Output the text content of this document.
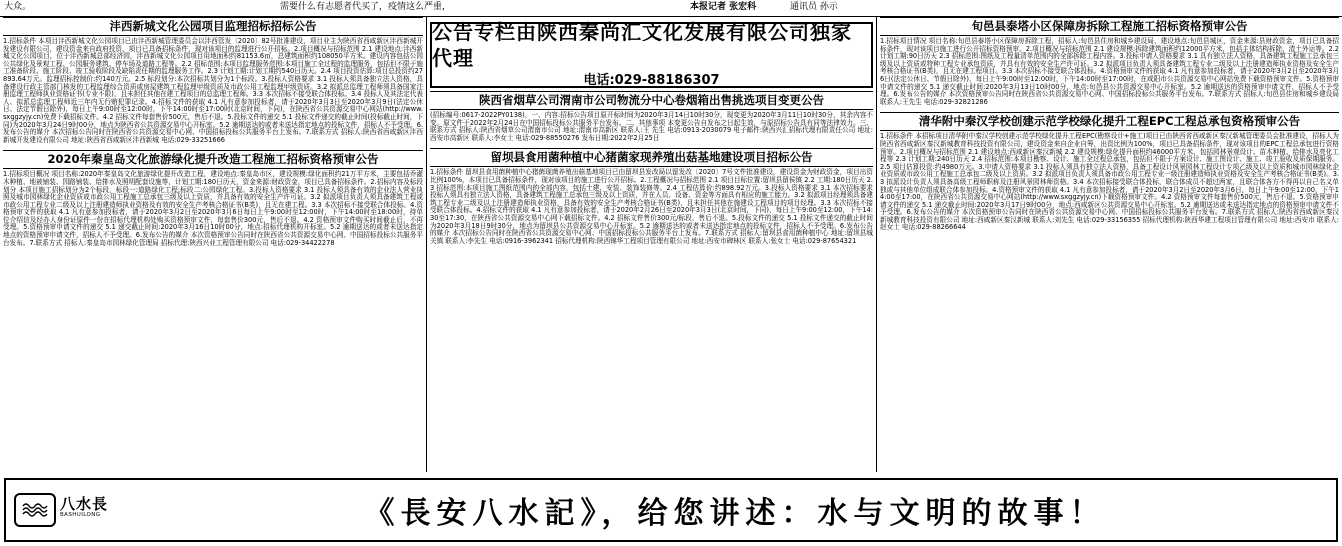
大众。	需要什么有志愿者代买了，疫情这么严重，	本报记者 张宏科	通讯员 孙示
沣西新城文化公园项目监理招标招标公告
1.招标条件 本项目沣西新城文化公园项目已由沣西新城管理委员会以沣西管发〔2020〕82号批准建设，项目业主为陕西省西咸新区沣西新城开发建设有限公司，建设资金来自政府投资，项目已具备招标条件，现对该项目的监理进行公开招标。2.项目概况与招标范围 2.1 建设地点:沣西新城文化公园项目，位于沣西新城总部经济园，沣西新城文化公园项目用地面积约81153.6㎡，总建筑面积约108050平方米。建设内容包括公园公共绿化及景观工程、公园服务建筑、停车场及道路工程等。2.2 招标范围:本项目监理服务范围:本项目施工全过程的监理服务，包括但不限于施工准备阶段、施工阶段、竣工验收阶段及缺陷责任期的监理服务工作。2.3 计划工期:计划工期约540日历天。2.4 项目投资估算:项目总投资约27893.64万元。监理招标控制价:约140万元。2.5 标段划分:本次招标共划分为1个标段。3.投标人资格要求 3.1 投标人须具备独立法人资格，具备建设行政主管部门核发的工程监理综合资质或房屋建筑工程监理甲级资质及市政公用工程监理甲级资质。3.2 拟派总监理工程师须具备国家注册监理工程师执业资格证书(专业不限)，且未担任其他在建工程项目的总监理工程师。3.3 本次招标不接受联合体投标。3.4 投标人及其法定代表人、拟派总监理工程师近三年内无行贿犯罪记录。4.招标文件的获取 4.1 凡有意参加投标者，请于2020年3月3日至2020年3月9日(法定公休日、法定节假日除外)，每日上午9:00时至12:00时，下午14:00时至17:00时(北京时间，下同)，在陕西省公共资源交易中心网站(http://www.sxggzyjy.cn)免费下载招标文件。4.2 招标文件每套售价500元，售后不退。5.投标文件的递交 5.1 投标文件递交的截止时间(投标截止时间，下同)为2020年3月24日9时00分，地点为陕西省公共资源交易中心开标室。5.2 逾期送达的或者未送达指定地点的投标文件，招标人不予受理。6.发布公告的媒介 本次招标公告同时在陕西省公共资源交易中心网、中国招标投标公共服务平台上发布。7.联系方式 招标人:陕西省西咸新区沣西新城开发建设有限公司 地址:陕西省西咸新区沣西新城 电话:029-33251666
2020年秦皇岛文化旅游绿化提升改造工程施工招标资格预审公告
1.招标项目概况 项目名称:2020年秦皇岛文化旅游绿化提升改造工程，建设地点:秦皇岛市区，建设规模:绿化面积约21万平方米，主要包括乔灌木种植、地被铺装、园路铺装、给排水及照明配套设施等，计划工期:180日历天，资金来源:财政资金，项目已具备招标条件。2.招标内容及标段划分 本项目施工招标划分为2个标段，标段一:道路绿化工程;标段二:公园绿化工程。3.投标人资格要求 3.1 投标人须具备有效的企业法人营业执照及城市园林绿化企业资质或市政公用工程施工总承包三级及以上资质，并具备有效的安全生产许可证。3.2 拟派项目负责人须具备建筑工程或市政公用工程专业二级及以上注册建造师执业资格及有效的安全生产考核合格证书(B类)，且无在建工程。3.3 本次招标不接受联合体投标。4.资格预审文件的获取 4.1 凡有意参加投标者，请于2020年3月2日至2020年3月6日每日上午9:00时至12:00时，下午14:00时至18:00时，持单位介绍信及经办人身份证原件一份在招标代理机构处购买资格预审文件，每套售价300元，售后不退。4.2 资格预审文件购买时间截止后，不再受理。5.资格预审申请文件的递交 5.1 递交截止时间:2020年3月16日10时00分，地点:招标代理机构开标室。5.2 逾期送达的或者未送达指定地点的资格预审申请文件，招标人不予受理。6.发布公告的媒介 本次资格预审公告同时在陕西省公共资源交易中心网、中国招标投标公共服务平台发布。7.联系方式 招标人:秦皇岛市园林绿化管理局 招标代理:陕西兴业工程管理有限公司 电话:029-34422278
陕西省烟草公司渭南市公司物流分中心卷烟箱出售挑选项目变更公告
(招标编号:0617-2022PY0138)，一、内容:招标公告项目原开标时间为2020年3月14日10时30分，现变更为2020年3月11日10时30分，其余内容不变。原文件于2022年2月24日在中国招标投标公共服务平台发布。二、其他事项 本变更公告自发布之日起生效，与原招标公告具有同等法律效力。三、联系方式 招标人:陕西省烟草公司渭南市公司 地址:渭南市高新区 联系人:王 先生 电话:0913-2030079 电子邮件:陕西兴汇招标代理有限责任公司 地址:西安市高新区 联系人:李女士 电话:029-88550276 发布日期:2022年2月25日
留坝县食用菌种植中心猪菌家现养殖出菇基地建设项目招标公告
1.招标条件 留坝县食用菌种植中心猪菌现菌养殖出菇基地项目已由留坝县发改局以留发改〔2020〕7号文件批准建设，建设资金为财政资金，项目出资比例100%，本项目已具备招标条件，现对该项目的施工进行公开招标。2.工程概况与招标范围 2.1 项目目标位置:留坝县留侯镇 2.2 工期:180日历天 2.3 招标范围:本项目施工图纸范围内的全部内容，包括土建、安装、装饰装修等。2.4 工程估算价:约898.92万元。3.投标人资格要求 3.1 本次招标要求投标人须具有独立法人资格，具备建筑工程施工总承包三级及以上资质，并在人员、设备、资金等方面具有相应的施工能力。3.2 拟派项目经理须具备建筑工程专业二级及以上注册建造师执业资格，具备有效的安全生产考核合格证书(B类)，且未担任其他在施建设工程项目的项目经理。3.3 本次招标不接受联合体投标。4.招标文件的获取 4.1 凡有意参加投标者，请于2020年2月26日至2020年3月3日(北京时间，下同)，每日上午9:00至12:00，下午14:30至17:30，在陕西省公共资源交易中心网下载招标文件。4.2 招标文件售价300元/标段，售后不退。5.投标文件的递交 5.1 投标文件递交的截止时间为2020年3月18日9时30分，地点为留坝县公共资源交易中心开标室。5.2 逾期送达的或者未送达指定地点的投标文件，招标人不予受理。6.发布公告的媒介 本次招标公告同时在陕西省公共资源交易中心网、中国招标投标公共服务平台上发布。7.联系方式 招标人:留坝县食用菌种植中心 地址:留坝县城关镇 联系人:李先生 电话:0916-3962341 招标代理机构:陕西锦华工程项目管理有限公司 地址:西安市碑林区 联系人:张女士 电话:029-87654321
旬邑县泰塔小区保障房拆除工程施工招标资格预审公告
1.招标项目情况 项目名称:旬邑县泰塔小区保障房拆除工程，招标人:旬邑县住房和城乡建设局，建设地点:旬邑县城区，资金来源:县财政资金，项目已具备招标条件，现对该项目施工进行公开招标资格预审。2.项目概况与招标范围 2.1 建设规模:拆除建筑面积约12000平方米，包括主体结构拆除、渣土外运等。2.2 计划工期:90日历天 2.3 招标范围:图纸及工程量清单范围内的全部拆除工程内容。3.投标申请人资格要求 3.1 具有独立法人资格，具备建筑工程施工总承包三级及以上资质或特种工程专业承包资质，并具有有效的安全生产许可证。3.2 拟派项目负责人须具备建筑工程专业二级及以上注册建造师执业资格及安全生产考核合格证书(B类)，且无在建工程项目。3.3 本次招标不接受联合体投标。4.资格预审文件的获取 4.1 凡有意参加投标者，请于2020年3月2日至2020年3月6日(法定公休日、节假日除外)，每日上午9:00时至12:00时，下午14:00时至17:00时，在咸阳市公共资源交易中心网站免费下载资格预审文件。5.资格预审申请文件的递交 5.1 递交截止时间:2020年3月13日10时00分，地点:旬邑县公共资源交易中心开标室。5.2 逾期送达的资格预审申请文件，招标人不予受理。6.发布公告的媒介 本次资格预审公告同时在陕西省公共资源交易中心网、中国招标投标公共服务平台发布。7.联系方式 招标人:旬邑县住房和城乡建设局 联系人:王先生 电话:029-32821286
清华附中秦汉学校创建示范学校绿化提升工程EPC工程总承包资格预审公告
1.招标条件 本招标项目清华附中秦汉学校创建示范学校绿化提升工程EPC(勘察设计+施工)项目已由陕西省西咸新区秦汉新城管理委员会批准建设，招标人为陕西省西咸新区秦汉新城教育科技投资有限公司，建设资金来自企业自筹，出资比例为100%，项目已具备招标条件，现对该项目的EPC工程总承包进行资格预审。2.项目概况与招标范围 2.1 建设地点:西咸新区秦汉新城 2.2 建设规模:绿化提升面积约46000平方米，包括园林景观设计、苗木种植、给排水及亮化工程等 2.3 计划工期:240日历天 2.4 招标范围:本项目勘察、设计、施工全过程总承包，包括但不限于方案设计、施工图设计、施工、竣工验收及质保期服务。2.5 项目估算投资:约4980万元。3.申请人资格要求 3.1 投标人须具有独立法人资格，具备工程设计风景园林工程设计专项乙级及以上资质和城市园林绿化企业资质或市政公用工程施工总承包二级及以上资质。3.2 拟派项目负责人须具备市政公用工程专业一级注册建造师执业资格及安全生产考核合格证书(B类)。3.3 拟派设计负责人须具备高级工程师职称及注册风景园林师资格。3.4 本次招标接受联合体投标，联合体成员不超过两家，且联合体各方不得再以自己名义单独或与其他单位组成联合体参加投标。4.资格预审文件的获取 4.1 凡有意参加投标者，请于2020年3月2日至2020年3月6日，每日上午9:00至12:00，下午14:00至17:00，在陕西省公共资源交易中心网站(http://www.sxggzyjy.cn)下载资格预审文件。4.2 资格预审文件每套售价500元，售后不退。5.资格预审申请文件的递交 5.1 递交截止时间:2020年3月17日9时00分，地点:西咸新区公共资源交易中心开标室。5.2 逾期送达或未送达指定地点的资格预审申请文件不予受理。6.发布公告的媒介 本次资格预审公告同时在陕西省公共资源交易中心网、中国招标投标公共服务平台发布。7.联系方式 招标人:陕西省西咸新区秦汉新城教育科技投资有限公司 地址:西咸新区秦汉新城 联系人:刘先生 电话:029-33156355 招标代理机构:陕西华建工程项目管理有限公司 地址:西安市 联系人:赵女士 电话:029-88266644
公告专栏由陕西秦尚汇文化发展有限公司独家代理
电话:029-88186307
八水長
BASHUILONG	《長安八水記》，给您讲述：水与文明的故事！
